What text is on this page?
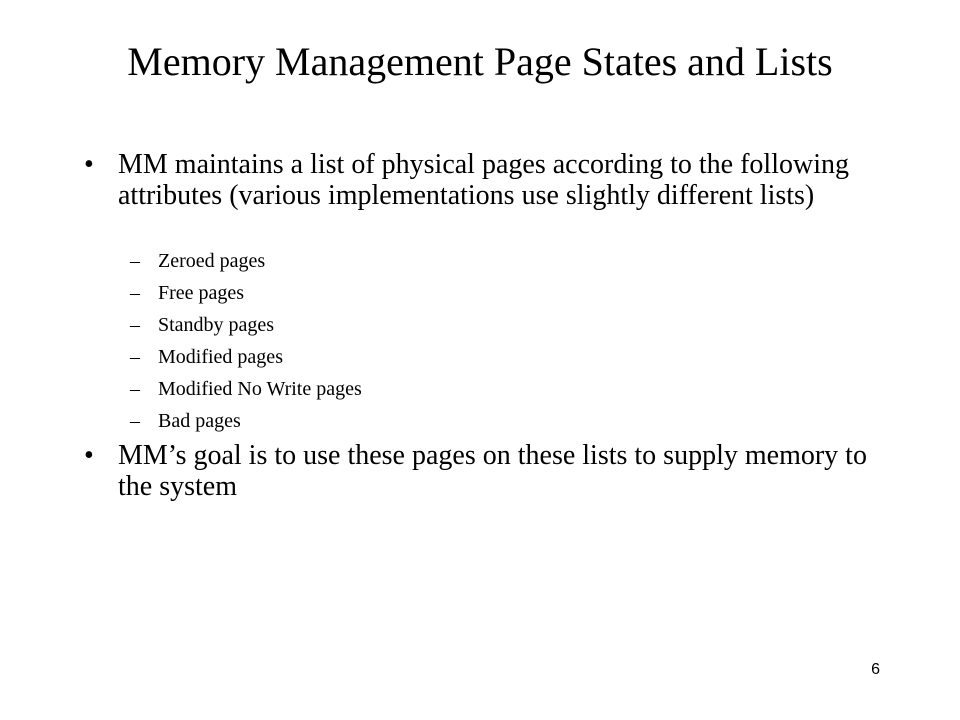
Memory Management Page States and Lists
• MM maintains a list of physical pages according to the following attributes (various implementations use slightly different lists)
– Zeroed pages
– Free pages
– Standby pages
– Modified pages
– Modified No Write pages
– Bad pages
• MM’s goal is to use these pages on these lists to supply memory to the system
6
